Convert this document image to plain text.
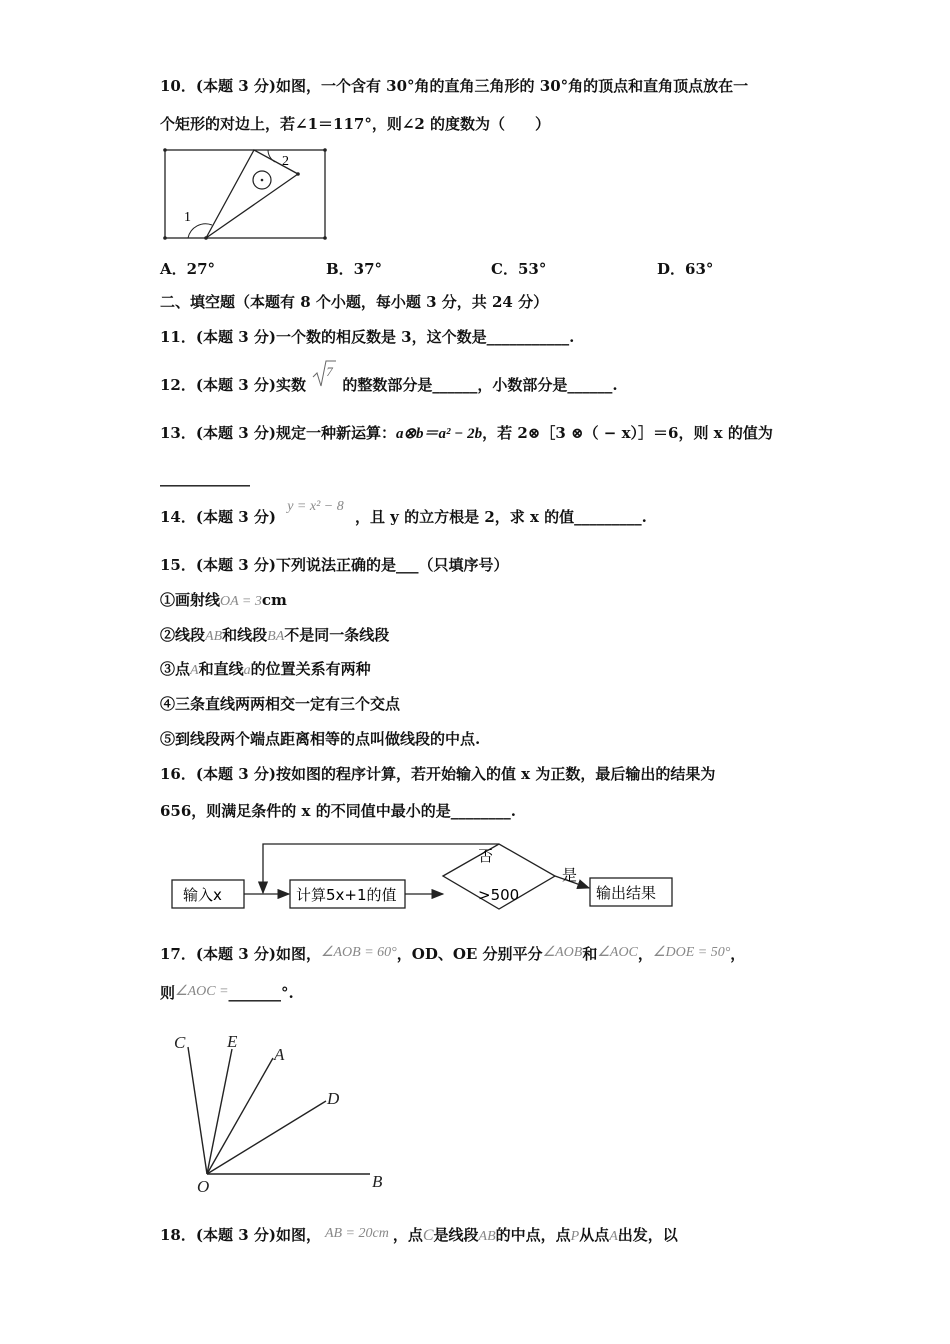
10．(本题 3 分)如图，一个含有 30°角的直角三角形的 30°角的顶点和直角顶点放在一
个矩形的对边上，若∠1＝117°，则∠2 的度数为（　　）
1
2
A．27°	B．37°	C．53°	D．63°
二、填空题（本题有 8 个小题，每小题 3 分，共 24 分）
11．(本题 3 分)一个数的相反数是 3，这个数是___________.
12．(本题 3 分)实数
7
的整数部分是______，小数部分是______.
13．(本题 3 分)规定一种新运算：a⊗b＝a² − 2b，若 2⊗［3 ⊗（ − x）］＝6，则 x 的值为
____________
14．(本题 3 分) y = x² − 8 ，且 y 的立方根是 2，求 x 的值_________.
15．(本题 3 分)下列说法正确的是___（只填序号）
①画射线OA = 3cm
②线段AB和线段BA不是同一条线段
③点A和直线a的位置关系有两种
④三条直线两两相交一定有三个交点
⑤到线段两个端点距离相等的点叫做线段的中点.
16．(本题 3 分)按如图的程序计算，若开始输入的值 x 为正数，最后输出的结果为
656，则满足条件的 x 的不同值中最小的是________.
输入x	计算5x+1的值	>500
否
是
输出结果
17．(本题 3 分)如图，∠AOB = 60°，OD、OE 分别平分∠AOB和∠AOC，∠DOE = 50°，
则∠AOC =_______°.
C E
A
D
O	B
18．(本题 3 分)如图， AB = 20cm ，点C是线段AB的中点，点P从点A出发，以
